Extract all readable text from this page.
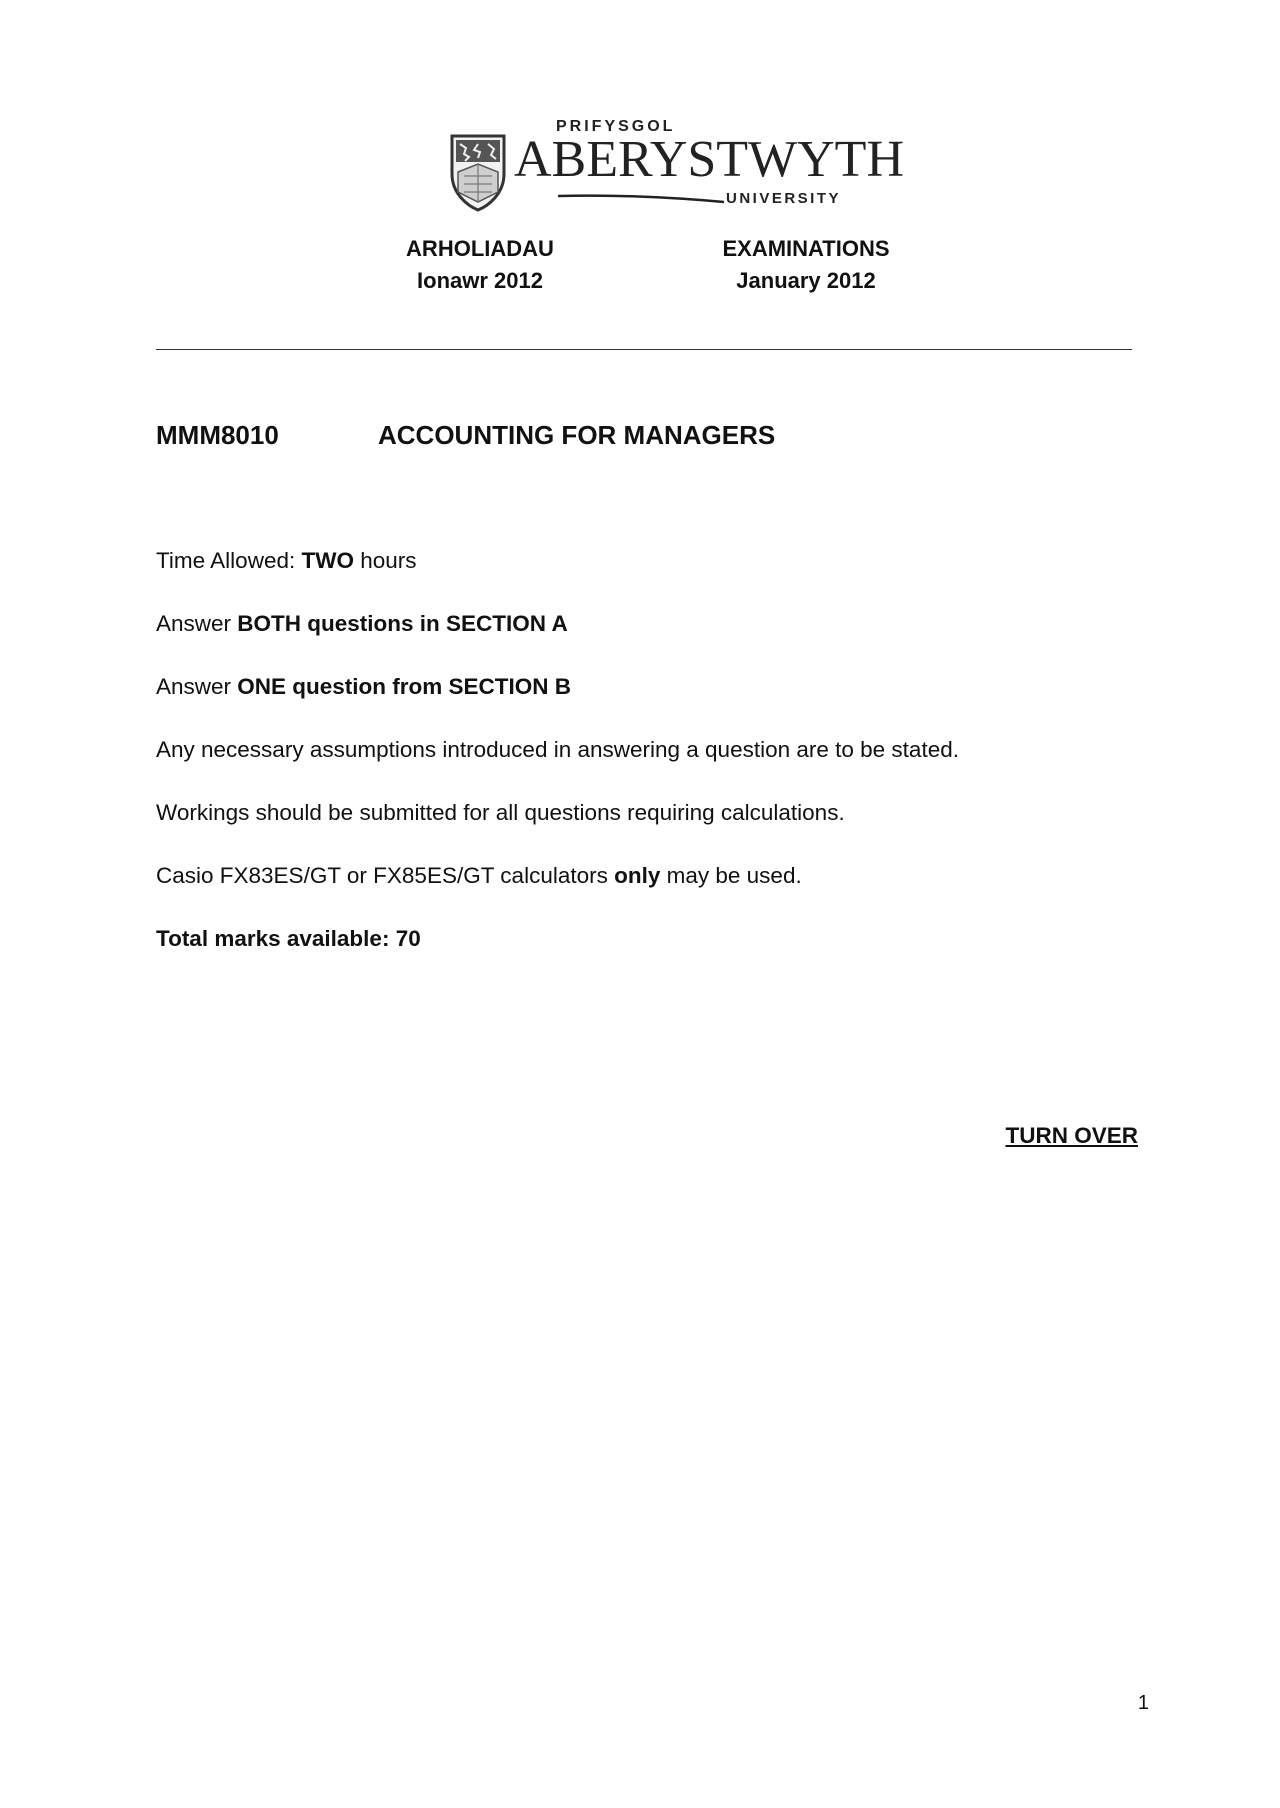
PRIFYSGOL
ABERYSTWYTH
UNIVERSITY
ARHOLIADAU
Ionawr 2012
EXAMINATIONS
January 2012
MMM8010	ACCOUNTING FOR MANAGERS
Time Allowed: TWO hours
Answer BOTH questions in SECTION A
Answer ONE question from SECTION B
Any necessary assumptions introduced in answering a question are to be stated.
Workings should be submitted for all questions requiring calculations.
Casio FX83ES/GT or FX85ES/GT calculators only may be used.
Total marks available: 70
TURN OVER
1
